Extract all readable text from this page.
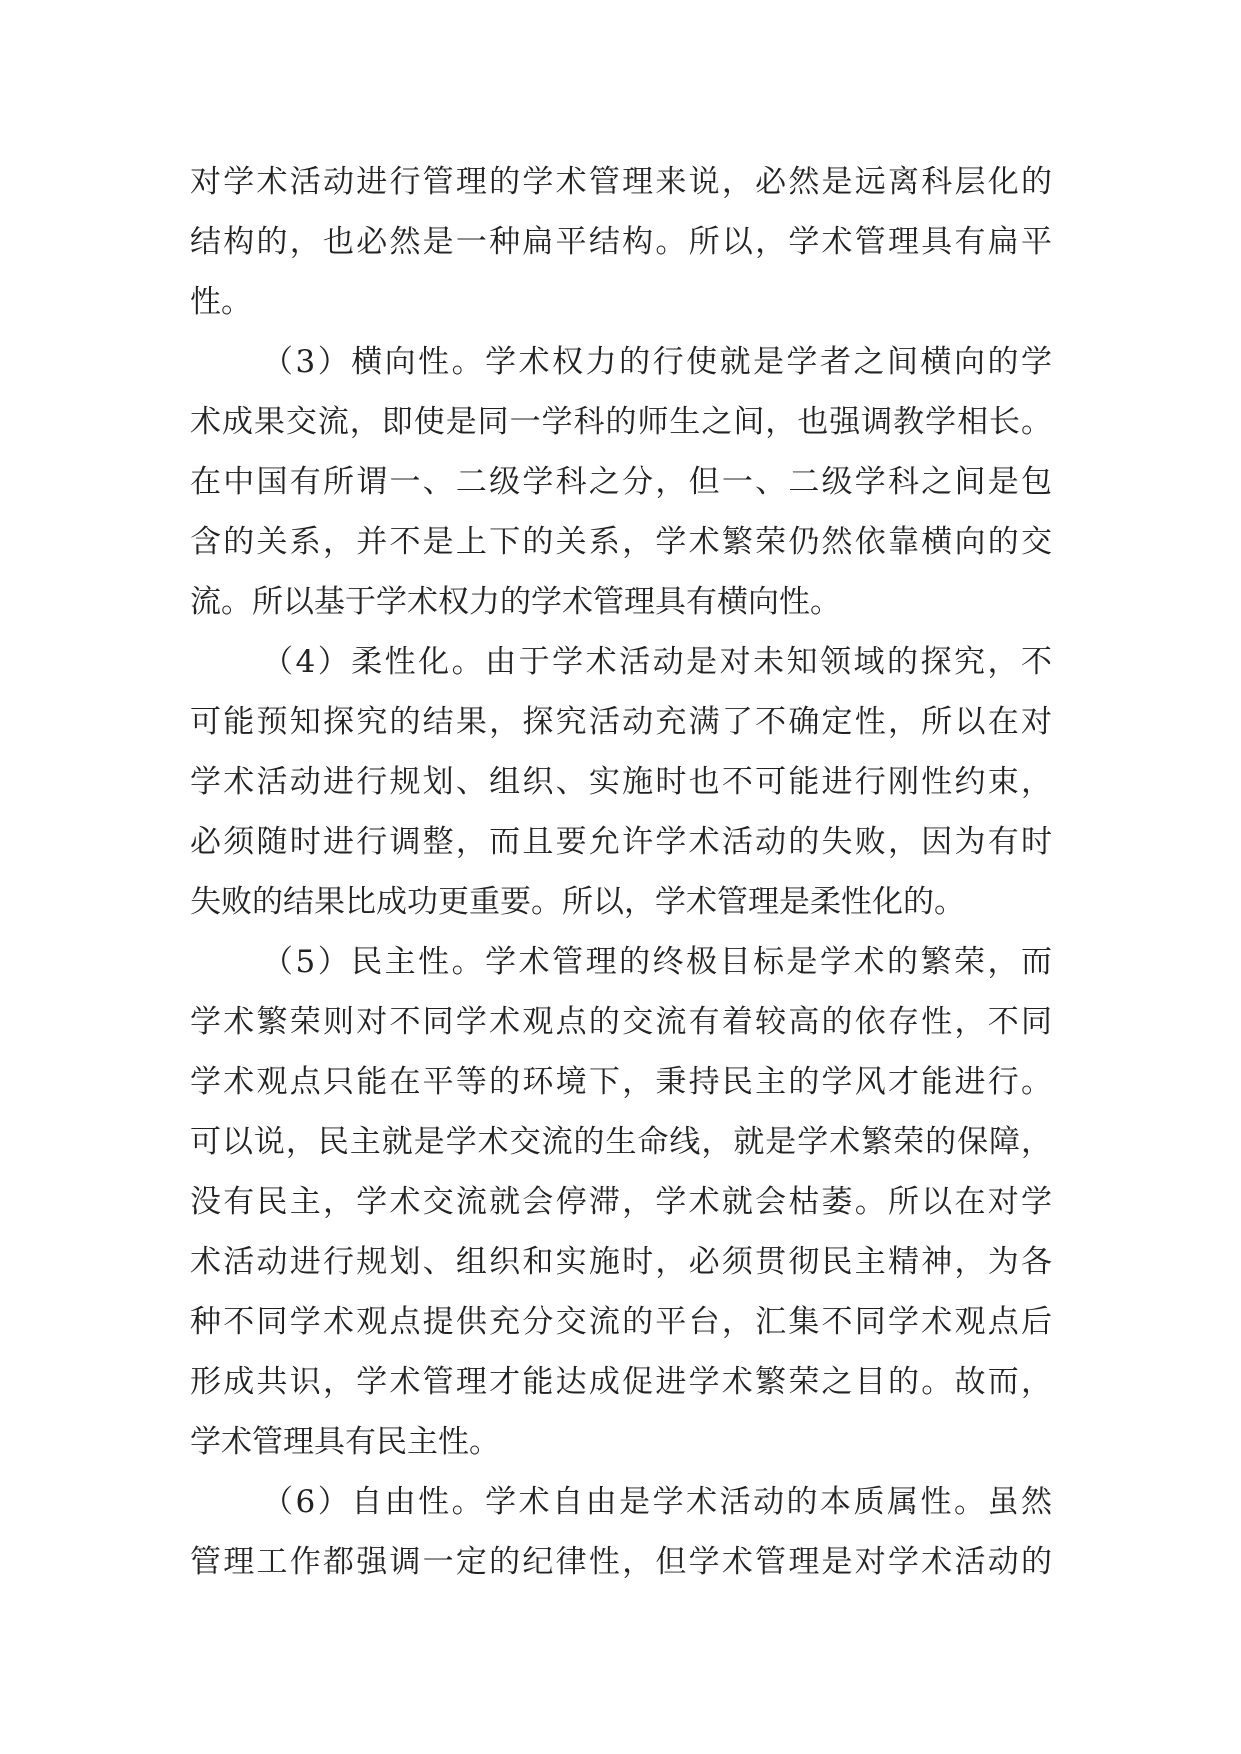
对学术活动进行管理的学术管理来说，必然是远离科层化的
结构的，也必然是一种扁平结构。所以，学术管理具有扁平
性。
（3）横向性。学术权力的行使就是学者之间横向的学
术成果交流，即使是同一学科的师生之间，也强调教学相长。
在中国有所谓一、二级学科之分，但一、二级学科之间是包
含的关系，并不是上下的关系，学术繁荣仍然依靠横向的交
流。所以基于学术权力的学术管理具有横向性。
（4）柔性化。由于学术活动是对未知领域的探究，不
可能预知探究的结果，探究活动充满了不确定性，所以在对
学术活动进行规划、组织、实施时也不可能进行刚性约束，
必须随时进行调整，而且要允许学术活动的失败，因为有时
失败的结果比成功更重要。所以，学术管理是柔性化的。
（5）民主性。学术管理的终极目标是学术的繁荣，而
学术繁荣则对不同学术观点的交流有着较高的依存性，不同
学术观点只能在平等的环境下，秉持民主的学风才能进行。
可以说，民主就是学术交流的生命线，就是学术繁荣的保障，
没有民主，学术交流就会停滞，学术就会枯萎。所以在对学
术活动进行规划、组织和实施时，必须贯彻民主精神，为各
种不同学术观点提供充分交流的平台，汇集不同学术观点后
形成共识，学术管理才能达成促进学术繁荣之目的。故而，
学术管理具有民主性。
（6）自由性。学术自由是学术活动的本质属性。虽然
管理工作都强调一定的纪律性，但学术管理是对学术活动的
